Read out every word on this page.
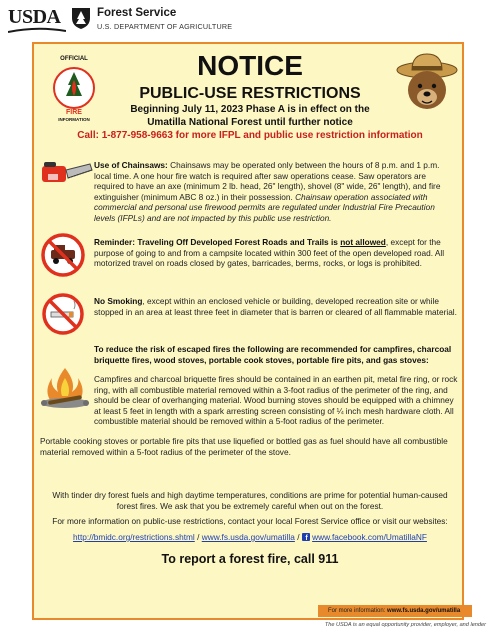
USDA	Forest Service
U.S. DEPARTMENT OF AGRICULTURE
OFFICIAL
FIRE
INFORMATION
NOTICE
PUBLIC-USE RESTRICTIONS
Beginning July 11, 2023 Phase A is in effect on the
Umatilla National Forest until further notice
Call: 1-877-958-9663 for more IFPL and public use restriction information
Use of Chainsaws: Chainsaws may be operated only between the hours of 8 p.m. and 1 p.m. local time. A one hour fire watch is required after saw operations cease. Saw operators are required to have an axe (minimum 2 lb. head, 26" length), shovel (8" wide, 26" length), and fire extinguisher (minimum ABC 8 oz.) in their possession. Chainsaw operation associated with commercial and personal use firewood permits are regulated under Industrial Fire Precaution levels (IFPLs) and are not impacted by this public use restriction.
Reminder: Traveling Off Developed Forest Roads and Trails is not allowed, except for the purpose of going to and from a campsite located within 300 feet of the open developed road. All motorized travel on roads closed by gates, barricades, berms, rocks, or logs is prohibited.
No Smoking, except within an enclosed vehicle or building, developed recreation site or while stopped in an area at least three feet in diameter that is barren or cleared of all flammable material.
To reduce the risk of escaped fires the following are recommended for campfires, charcoal briquette fires, wood stoves, portable cook stoves, portable fire pits, and gas stoves:
Campfires and charcoal briquette fires should be contained in an earthen pit, metal fire ring, or rock ring, with all combustible material removed within a 3-foot radius of the perimeter of the ring, and should be clear of overhanging material. Wood burning stoves should be equipped with a chimney at least 5 feet in length with a spark arresting screen consisting of ¼ inch mesh hardware cloth. All combustible material should be removed within a 5-foot radius of the perimeter.
Portable cooking stoves or portable fire pits that use liquefied or bottled gas as fuel should have all combustible material removed within a 5-foot radius of the perimeter of the stove.
With tinder dry forest fuels and high daytime temperatures, conditions are prime for potential human-caused forest fires. We ask that you be extremely careful when out on the forest.
For more information on public-use restrictions, contact your local Forest Service office or visit our websites:
http://bmidc.org/restrictions.shtml / www.fs.usda.gov/umatilla / f www.facebook.com/UmatillaNF
To report a forest fire, call 911
For more information: www.fs.usda.gov/umatilla
The USDA is an equal opportunity provider, employer, and lender
